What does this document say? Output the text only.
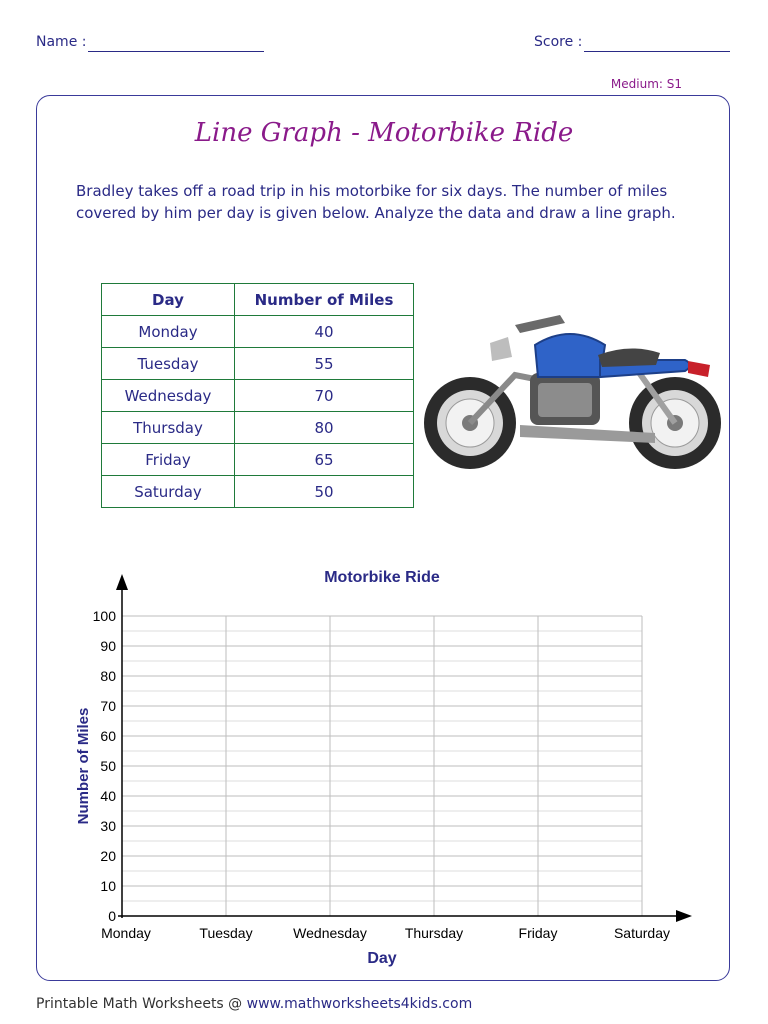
Name :	Score :
Medium: S1
Line Graph - Motorbike Ride
Bradley takes off a road trip in his motorbike for six days. The number of miles covered by him per day is given below. Analyze the data and draw a line graph.
Day	Number of Miles
Monday	40
Tuesday	55
Wednesday	70
Thursday	80
Friday	65
Saturday	50
Motorbike Ride
0
10
20
30
40
50
60
70
80
90
100
Monday	Tuesday	Wednesday	Thursday	Friday	Saturday
Day
Number of Miles
Printable Math Worksheets @ www.mathworksheets4kids.com
